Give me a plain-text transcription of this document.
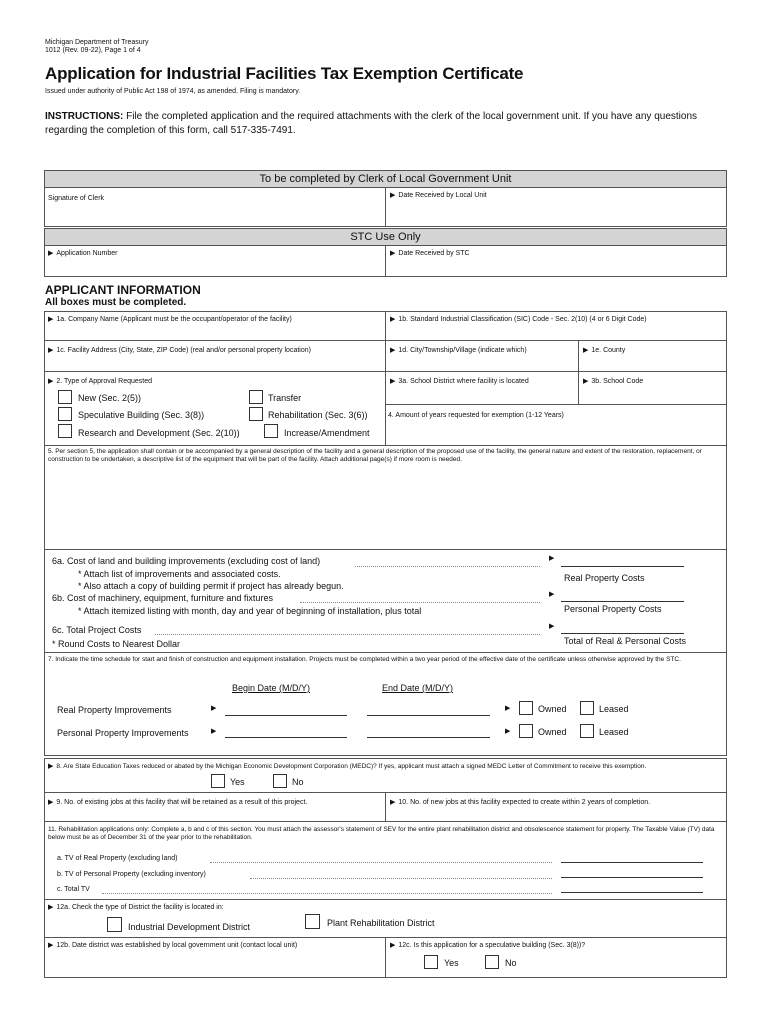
Michigan Department of Treasury
1012 (Rev. 09-22), Page 1 of 4
Application for Industrial Facilities Tax Exemption Certificate
Issued under authority of Public Act 198 of 1974, as amended. Filing is mandatory.
INSTRUCTIONS: File the completed application and the required attachments with the clerk of the local government unit. If you have any questions regarding the completion of this form, call 517-335-7491.
To be completed by Clerk of Local Government Unit
Signature of Clerk	▶ Date Received by Local Unit
STC Use Only
▶ Application Number	▶ Date Received by STC
APPLICANT INFORMATION
All boxes must be completed.
▶ 1a. Company Name (Applicant must be the occupant/operator of the facility)	▶ 1b. Standard Industrial Classification (SIC) Code - Sec. 2(10) (4 or 6 Digit Code)
▶ 1c. Facility Address (City, State, ZIP Code) (real and/or personal property location)	▶ 1d. City/Township/Village (indicate which)	▶ 1e. County
▶ 2. Type of Approval Requested	▶ 3a. School District where facility is located	▶ 3b. School Code
4. Amount of years requested for exemption (1-12 Years)
New (Sec. 2(5))	Transfer
Speculative Building (Sec. 3(8))	Rehabilitation (Sec. 3(6))
Research and Development (Sec. 2(10))	Increase/Amendment
5. Per section 5, the application shall contain or be accompanied by a general description of the facility and a general description of the proposed use of the facility, the general nature and extent of the restoration, replacement, or construction to be undertaken, a descriptive list of the equipment that will be part of the facility. Attach additional page(s) if more room is needed.
6a. Cost of land and building improvements (excluding cost of land)	▶
Real Property Costs
* Attach list of improvements and associated costs.
* Also attach a copy of building permit if project has already begun.
6b. Cost of machinery, equipment, furniture and fixtures	▶
Personal Property Costs
* Attach itemized listing with month, day and year of beginning of installation, plus total
6c. Total Project Costs	▶
Total of Real & Personal Costs
* Round Costs to Nearest Dollar
7. Indicate the time schedule for start and finish of construction and equipment installation. Projects must be completed within a two year period of the effective date of the certificate unless otherwise approved by the STC.
Begin Date (M/D/Y)	End Date (M/D/Y)
Real Property Improvements	▶	▶	Owned	Leased
Personal Property Improvements	▶	▶	Owned	Leased
▶ 8. Are State Education Taxes reduced or abated by the Michigan Economic Development Corporation (MEDC)? If yes, applicant must attach a signed MEDC Letter of Commitment to receive this exemption.
Yes	No
▶ 9. No. of existing jobs at this facility that will be retained as a result of this project.	▶ 10. No. of new jobs at this facility expected to create within 2 years of completion.
11. Rehabilitation applications only: Complete a, b and c of this section. You must attach the assessor's statement of SEV for the entire plant rehabilitation district and obsolescence statement for property. The Taxable Value (TV) data below must be as of December 31 of the year prior to the rehabilitation.
a. TV of Real Property (excluding land)
b. TV of Personal Property (excluding inventory)
c. Total TV
▶ 12a. Check the type of District the facility is located in:
Industrial Development District	Plant Rehabilitation District
▶ 12b. Date district was established by local government unit (contact local unit)	▶ 12c. Is this application for a speculative building (Sec. 3(8))?
Yes	No
